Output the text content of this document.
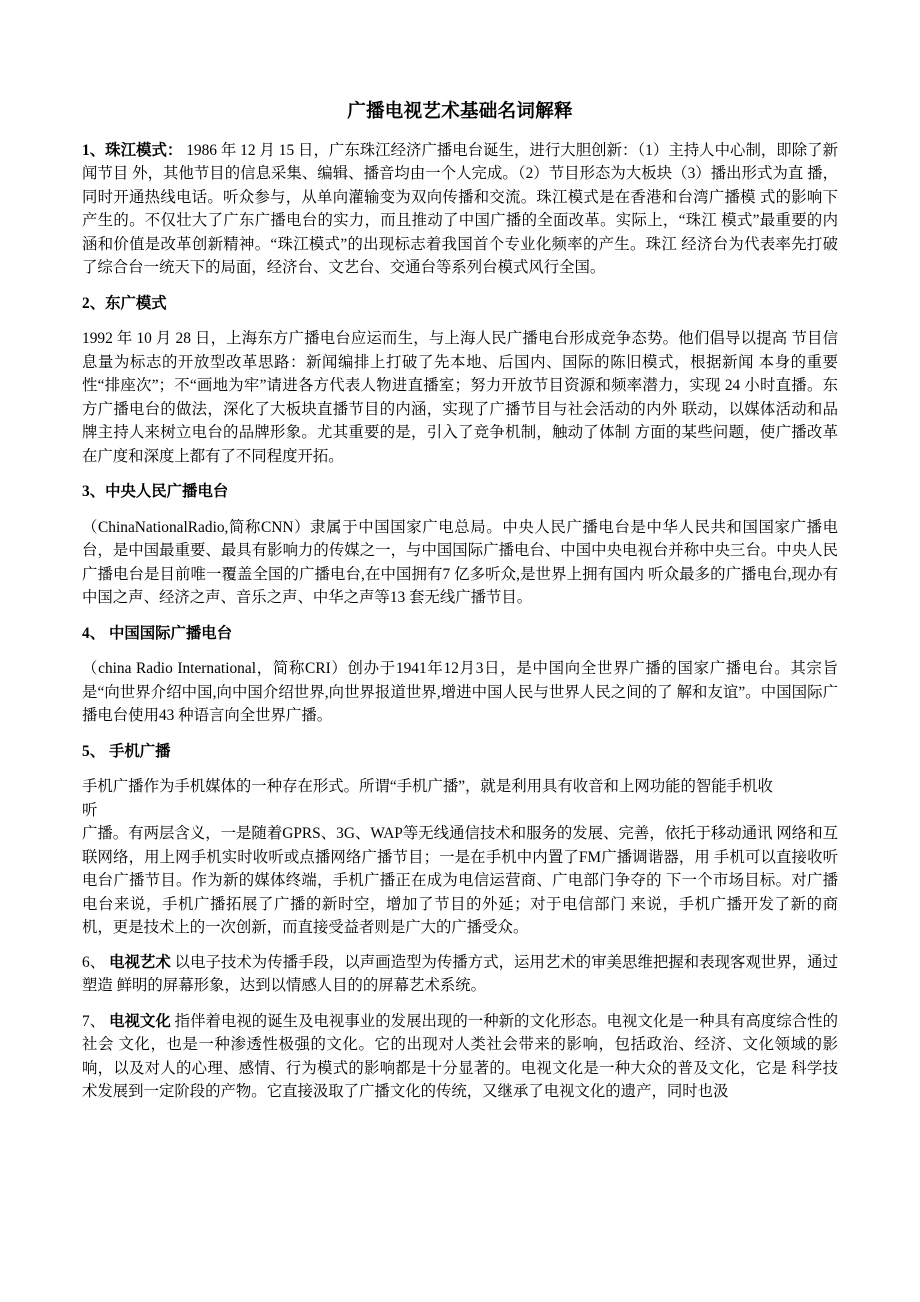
广播电视艺术基础名词解释

1、珠江模式： 1986 年 12 月 15 日，广东珠江经济广播电台诞生，进行大胆创新：（1）主持人中心制，即除了新闻节目 外，其他节目的信息采集、编辑、播音均由一个人完成。（2）节目形态为大板块（3）播出形式为直 播，同时开通热线电话。听众参与，从单向灌输变为双向传播和交流。珠江模式是在香港和台湾广播模 式的影响下产生的。不仅壮大了广东广播电台的实力，而且推动了中国广播的全面改革。实际上，“珠江 模式”最重要的内涵和价值是改革创新精神。“珠江模式”的出现标志着我国首个专业化频率的产生。珠江 经济台为代表率先打破了综合台一统天下的局面，经济台、文艺台、交通台等系列台模式风行全国。

2、东广模式

1992 年 10 月 28 日，上海东方广播电台应运而生，与上海人民广播电台形成竞争态势。他们倡导以提高 节目信息量为标志的开放型改革思路：新闻编排上打破了先本地、后国内、国际的陈旧模式，根据新闻 本身的重要性“排座次”；不“画地为牢”请进各方代表人物进直播室；努力开放节目资源和频率潜力，实现 24 小时直播。东方广播电台的做法，深化了大板块直播节目的内涵，实现了广播节目与社会活动的内外 联动，以媒体活动和品牌主持人来树立电台的品牌形象。尤其重要的是，引入了竞争机制，触动了体制 方面的某些问题，使广播改革在广度和深度上都有了不同程度开拓。

3、中央人民广播电台

（ChinaNationalRadio,简称CNN）隶属于中国国家广电总局。中央人民广播电台是中华人民共和国国家广播电台，是中国最重要、最具有影响力的传媒之一，与中国国际广播电台、中国中央电视台并称中央三台。中央人民广播电台是目前唯一覆盖全国的广播电台,在中国拥有7 亿多听众,是世界上拥有国内 听众最多的广播电台,现办有中国之声、经济之声、音乐之声、中华之声等13 套无线广播节目。

4、 中国国际广播电台

（china Radio International，简称CRI）创办于1941年12月3日，是中国向全世界广播的国家广播电台。其宗旨是“向世界介绍中国,向中国介绍世界,向世界报道世界,增进中国人民与世界人民之间的了 解和友谊”。中国国际广播电台使用43 种语言向全世界广播。

5、 手机广播

手机广播作为手机媒体的一种存在形式。所谓“手机广播”，就是利用具有收音和上网功能的智能手机收
听
广播。有两层含义，一是随着GPRS、3G、WAP等无线通信技术和服务的发展、完善，依托于移动通讯 网络和互联网络，用上网手机实时收听或点播网络广播节目；一是在手机中内置了FM广播调谐器，用 手机可以直接收听电台广播节目。作为新的媒体终端，手机广播正在成为电信运营商、广电部门争夺的 下一个市场目标。对广播电台来说，手机广播拓展了广播的新时空，增加了节目的外延；对于电信部门 来说，手机广播开发了新的商机，更是技术上的一次创新，而直接受益者则是广大的广播受众。

6、 电视艺术 以电子技术为传播手段，以声画造型为传播方式，运用艺术的审美思维把握和表现客观世界，通过塑造 鲜明的屏幕形象，达到以情感人目的的屏幕艺术系统。

7、 电视文化 指伴着电视的诞生及电视事业的发展出现的一种新的文化形态。电视文化是一种具有高度综合性的社会 文化，也是一种渗透性极强的文化。它的出现对人类社会带来的影响，包括政治、经济、文化领域的影 响，以及对人的心理、感情、行为模式的影响都是十分显著的。电视文化是一种大众的普及文化，它是 科学技术发展到一定阶段的产物。它直接汲取了广播文化的传统，又继承了电视文化的遗产，同时也汲
